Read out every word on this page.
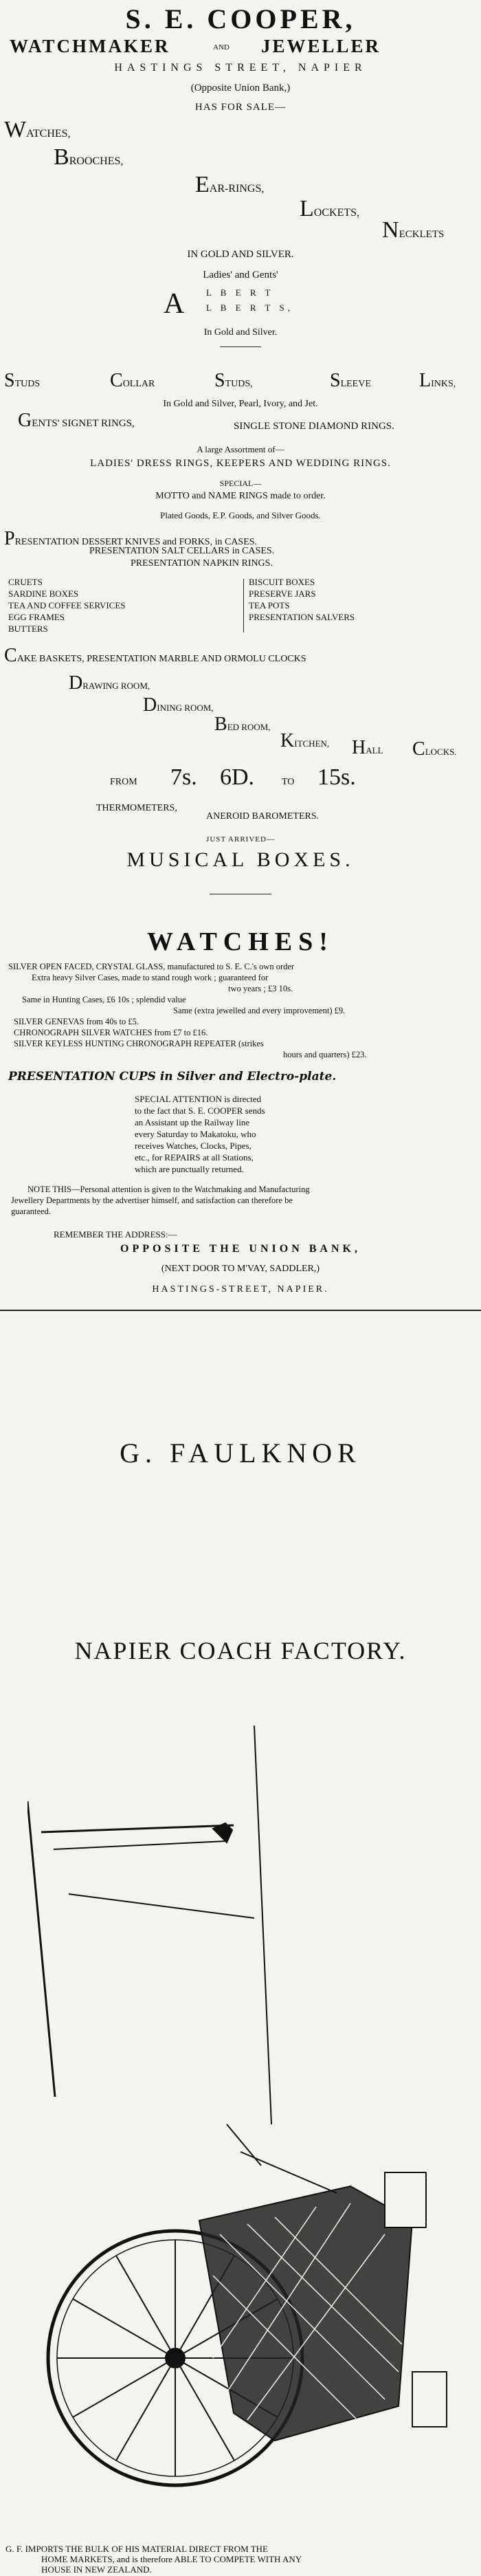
S. E. COOPER,
WATCHMAKER	AND JEWELLER
HASTINGS STREET, NAPIER
(Opposite Union Bank,)
HAS FOR SALE—
WATCHES,
BROOCHES,
EAR-RINGS,
LOCKETS,
NECKLETS
IN GOLD AND SILVER.
Ladies' and Gents'
A L B E R T
L B E R T S,
In Gold and Silver.
STUDS	COLLAR	STUDS,	SLEEVE	LINKS,
In Gold and Silver, Pearl, Ivory, and Jet.
GENTS' SIGNET RINGS,	SINGLE STONE DIAMOND RINGS.
A large Assortment of—
LADIES' DRESS RINGS, KEEPERS AND WEDDING RINGS.
SPECIAL—
MOTTO and NAME RINGS made to order.
Plated Goods, E.P. Goods, and Silver Goods.
PRESENTATION DESSERT KNIVES and FORKS, in CASES.
PRESENTATION SALT CELLARS in CASES.
PRESENTATION NAPKIN RINGS.
CRUETS
SARDINE BOXES
TEA AND COFFEE SERVICES
EGG FRAMES
BUTTERS
BISCUIT BOXES
PRESERVE JARS
TEA POTS
PRESENTATION SALVERS
CAKE BASKETS, PRESENTATION MARBLE AND ORMOLU CLOCKS
DRAWING ROOM,
DINING ROOM,
BED ROOM,
KITCHEN, HALL CLOCKS.
FROM 7s. 6D.	TO 15s.
THERMOMETERS,
ANEROID BAROMETERS.
JUST ARRIVED—
MUSICAL BOXES.
WATCHES!
SILVER OPEN FACED, CRYSTAL GLASS, manufactured to S. E. C.'s own order
Extra heavy Silver Cases, made to stand rough work ; guaranteed for
two years ; £3 10s.
Same in Hunting Cases, £6 10s ; splendid value
Same (extra jewelled and every improvement) £9.
SILVER GENEVAS from 40s to £5.
CHRONOGRAPH SILVER WATCHES from £7 to £16.
SILVER KEYLESS HUNTING CHRONOGRAPH REPEATER (strikes
hours and quarters) £23.
PRESENTATION CUPS in Silver and Electro-plate.
SPECIAL ATTENTION is directed
to the fact that S. E. COOPER sends
an Assistant up the Railway line
every Saturday to Makatoku, who
receives Watches, Clocks, Pipes,
etc., for REPAIRS at all Stations,
which are punctually returned.
NOTE THIS—Personal attention is given to the Watchmaking and Manufacturing
Jewellery Departments by the advertiser himself, and satisfaction can therefore be
guaranteed.
REMEMBER THE ADDRESS:—
OPPOSITE THE UNION BANK,
(NEXT DOOR TO M'VAY, SADDLER,)
HASTINGS-STREET, NAPIER.
G. FAULKNOR
NAPIER COACH FACTORY.
G. F. IMPORTS THE BULK OF HIS MATERIAL DIRECT FROM THE
HOME MARKETS, and is therefore ABLE TO COMPETE WITH ANY
HOUSE IN NEW ZEALAND.
